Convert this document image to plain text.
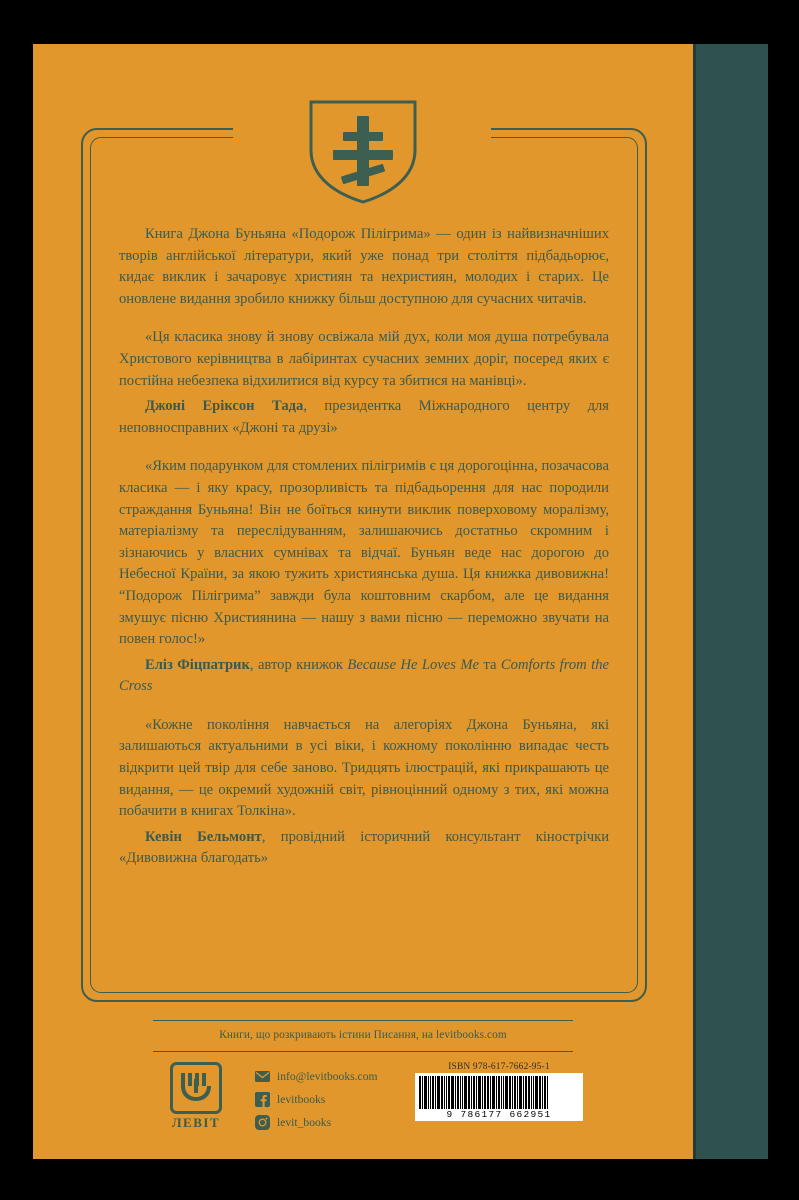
Книга Джона Буньяна «Подорож Пілігрима» — один із найвизначніших творів англійської літератури, який уже понад три століття підбадьорює, кидає виклик і зачаровує християн та нехристиян, молодих і старих. Це оновлене видання зробило книжку більш доступною для сучасних читачів.

«Ця класика знову й знову освіжала мій дух, коли моя душа потребувала Христового керівництва в лабіринтах сучасних земних доріг, посеред яких є постійна небезпека відхилитися від курсу та збитися на манівці».

Джоні Еріксон Тада, президентка Міжнародного центру для неповносправних «Джоні та друзі»

«Яким подарунком для стомлених пілігримів є ця дорогоцінна, позачасова класика — і яку красу, прозорливість та підбадьорення для нас породили страждання Буньяна! Він не боїться кинути виклик поверховому моралізму, матеріалізму та переслідуванням, залишаючись достатньо скромним і зізнаючись у власних сумнівах та відчаї. Буньян веде нас дорогою до Небесної Країни, за якою тужить християнська душа. Ця книжка дивовижна! “Подорож Пілігрима” завжди була коштовним скарбом, але це видання змушує пісню Християнина — нашу з вами пісню — переможно звучати на повен голос!»

Еліз Фіцпатрик, автор книжок Because He Loves Me та Comforts from the Cross

«Кожне покоління навчається на алегоріях Джона Буньяна, які залишаються актуальними в усі віки, і кожному поколінню випадає честь відкрити цей твір для себе заново. Тридцять ілюстрацій, які прикрашають це видання, — це окремий художній світ, рівноцінний одному з тих, які можна побачити в книгах Толкіна».

Кевін Бельмонт, провідний історичний консультант кінострічки «Дивовижна благодать»

Книги, що розкривають істини Писання, на levitbooks.com
ЛЕВІТ
info@levitbooks.com
levitbooks
levit_books
ISBN 978-617-7662-95-1
9 786177 662951
